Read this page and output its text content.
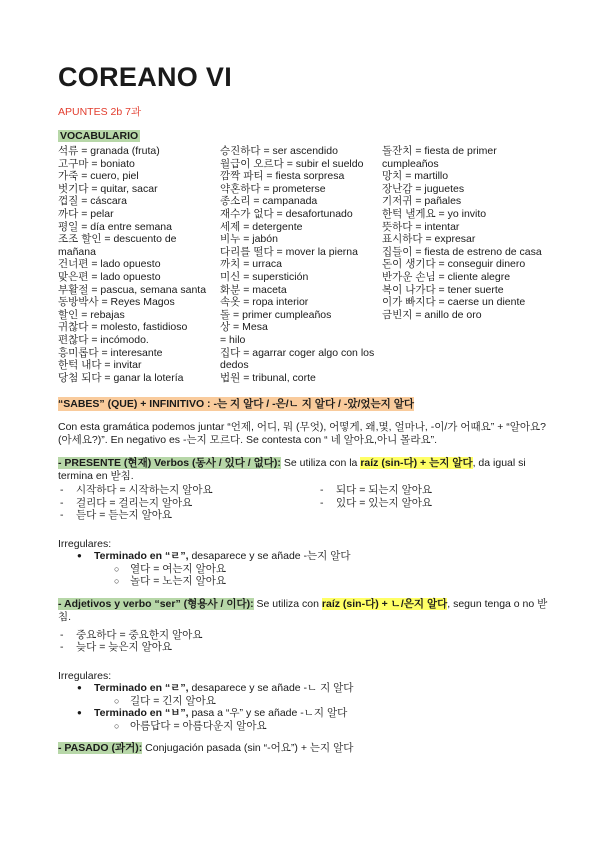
COREANO VI
APUNTES 2b 7과
VOCABULARIO
석류 = granada (fruta)
고구마 = boniato
가죽 = cuero, piel
벗기다 = quitar, sacar
껍질 = cáscara
까다 = pelar
평일 = día entre semana
조조 할인 = descuento de mañana
건너편 = lado opuesto
맞은편 = lado opuesto
부활절 = pascua, semana santa
동방박사 = Reyes Magos
할인 = rebajas
귀찮다 = molesto, fastidioso
편찮다 = incómodo.
흥미롭다 = interesante
한턱 내다 = invitar
당첨 되다 = ganar la lotería
승진하다 = ser ascendido
월급이 오르다 = subir el sueldo
깜짝 파티 = fiesta sorpresa
약혼하다 = prometerse
종소리 = campanada
재수가 없다 = desafortunado
세제 = detergente
비누 = jabón
다리를 떨다 = mover la pierna
까치 = urraca
미신 = superstición
화분 = maceta
속옷 = ropa interior
돌 = primer cumpleaños
상 = Mesa
= hilo
집다 = agarrar coger algo con los dedos
법원 = tribunal, corte
돌잔치 = fiesta de primer cumpleaños
망치 = martillo
장난감 = juguetes
기저귀 = pañales
한턱 낼게요 = yo invito
뜻하다 = intentar
표시하다 = expresar
집들이 = fiesta de estreno de casa
돈이 생기다 = conseguir dinero
반가운 손님 = cliente alegre
복이 나가다 = tener suerte
이가 빠지다 = caerse un diente
금빈지 = anillo de oro
“SABES” (QUE) + INFINITIVO : -는 지 알다 / -은/ㄴ 지 알다 / -았/었는지 알다
Con esta gramática podemos juntar “언제, 어디, 뭐 (무엇), 어떻게, 왜,몇, 얼마나, -이/가 어때요” + “알아요? (아세요?)”. En negativo es -는지 모르다. Se contesta con “ 네 알아요,아니 몰라요”.
- PRESENTE (현재) Verbos (동사 / 있다 / 없다): Se utiliza con la raíz (sin-다) + 는지 알다, da igual si termina en 받침.
- 시작하다 = 시작하는지 알아요
- 걸리다 = 걸리는지 알아요
- 듣다 = 듣는지 알아요
- 되다 = 되는지 알아요
- 있다 = 있는지 알아요
Irregulares:
● Terminado en “ㄹ”, desaparece y se añade -는지 알다
○ 열다 = 여는지 알아요
○ 놀다 = 노는지 알아요
- Adjetivos y verbo “ser” (형용사 / 이다): Se utiliza con raíz (sin-다) + ㄴ/은지 알다, segun tenga o no 받침.
- 중요하다 = 중요한지 알아요
- 늦다 = 늦은지 알아요
Irregulares:
● Terminado en “ㄹ”, desaparece y se añade -ㄴ 지 알다
○ 길다 = 긴지 알아요
● Terminado en “ㅂ”, pasa a “우” y se añade -ㄴ지 알다
○ 아름답다 = 아름다운지 알아요
- PASADO (과거): Conjugación pasada (sin “-어요”) + 는지 알다
